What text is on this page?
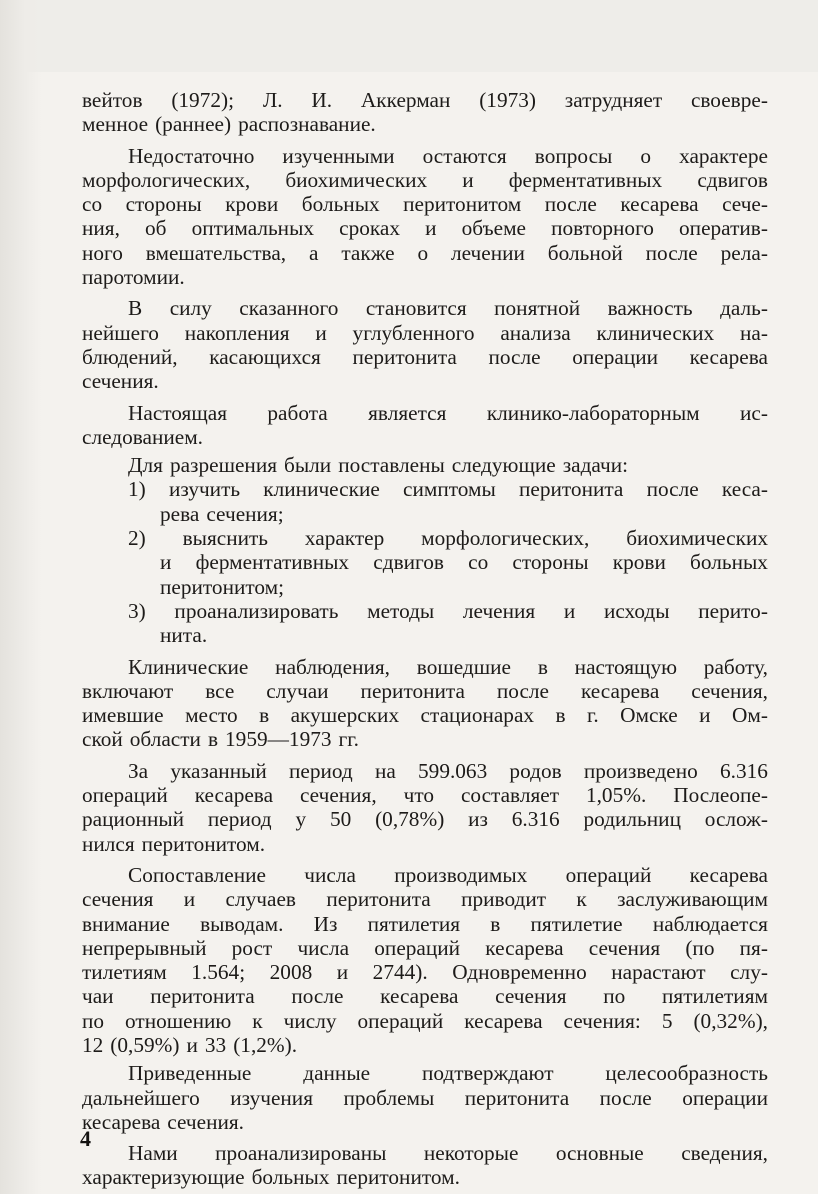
вейтов (1972); Л. И. Аккерман (1973) затрудняет своевре-
менное (раннее) распознавание.
Недостаточно изученными остаются вопросы о характере
морфологических, биохимических и ферментативных сдвигов
со стороны крови больных перитонитом после кесарева сече-
ния, об оптимальных сроках и объеме повторного оператив-
ного вмешательства, а также о лечении больной после рела-
паротомии.
В силу сказанного становится понятной важность даль-
нейшего накопления и углубленного анализа клинических на-
блюдений, касающихся перитонита после операции кесарева
сечения.
Настоящая работа является клинико-лабораторным ис-
следованием.
Для разрешения были поставлены следующие задачи:
1) изучить клинические симптомы перитонита после кеса-
рева сечения;
2) выяснить характер морфологических, биохимических
и ферментативных сдвигов со стороны крови больных
перитонитом;
3) проанализировать методы лечения и исходы перито-
нита.
Клинические наблюдения, вошедшие в настоящую работу,
включают все случаи перитонита после кесарева сечения,
имевшие место в акушерских стационарах в г. Омске и Ом-
ской области в 1959—1973 гг.
За указанный период на 599.063 родов произведено 6.316
операций кесарева сечения, что составляет 1,05%. Послеопе-
рационный период у 50 (0,78%) из 6.316 родильниц ослож-
нился перитонитом.
Сопоставление числа производимых операций кесарева
сечения и случаев перитонита приводит к заслуживающим
внимание выводам. Из пятилетия в пятилетие наблюдается
непрерывный рост числа операций кесарева сечения (по пя-
тилетиям 1.564; 2008 и 2744). Одновременно нарастают слу-
чаи перитонита после кесарева сечения по пятилетиям
по отношению к числу операций кесарева сечения: 5 (0,32%),
12 (0,59%) и 33 (1,2%).
Приведенные данные подтверждают целесообразность
дальнейшего изучения проблемы перитонита после операции
кесарева сечения.
Нами проанализированы некоторые основные сведения,
характеризующие больных перитонитом.
4
